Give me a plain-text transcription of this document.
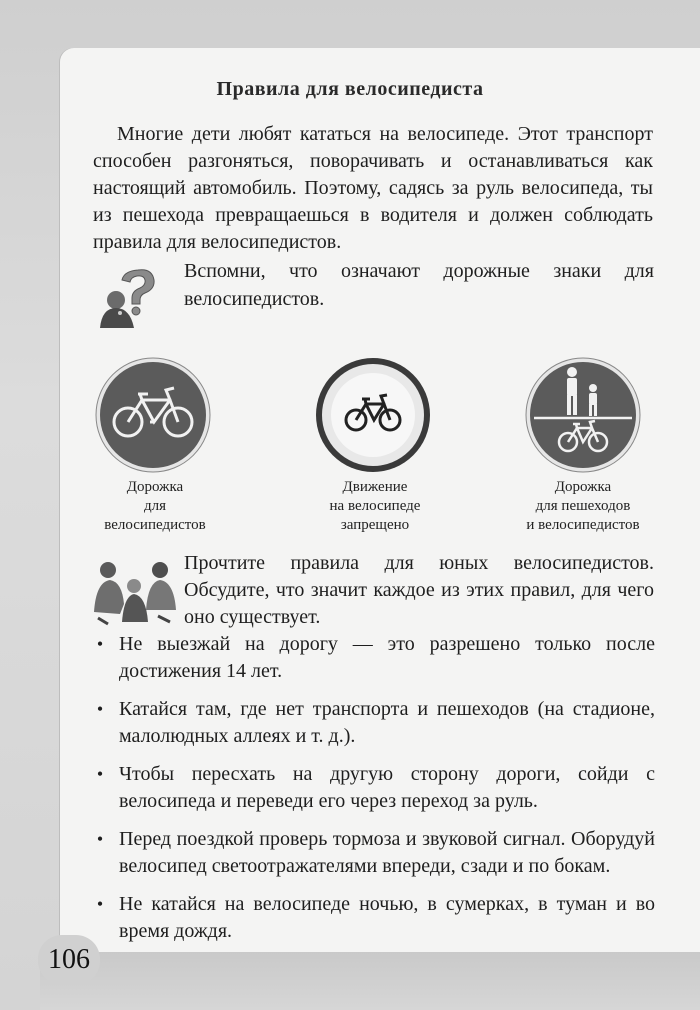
106
Правила для велосипедиста

Многие дети любят кататься на велосипеде. Этот транспорт способен разгоняться, поворачивать и останавливаться как настоящий автомобиль. Поэтому, садясь за руль велосипеда, ты из пешехода превращаешься в водителя и должен соблюдать правила для велосипедистов.

Вспомни, что означают дорожные знаки для велосипедистов.

Дорожка
для
велосипедистов
Движение
на велосипеде
запрещено
Дорожка
для пешеходов
и велосипедистов

Прочтите правила для юных велосипедистов. Обсудите, что значит каждое из этих правил, для чего оно существует.

• Не выезжай на дорогу — это разрешено только после достижения 14 лет.
• Катайся там, где нет транспорта и пешеходов (на стадионе, малолюдных аллеях и т. д.).
• Чтобы пересхать на другую сторону дороги, сойди с велосипеда и переведи его через переход за руль.
• Перед поездкой проверь тормоза и звуковой сигнал. Оборудуй велосипед светоотражателями впереди, сзади и по бокам.
• Не катайся на велосипеде ночью, в сумерках, в туман и во время дождя.
